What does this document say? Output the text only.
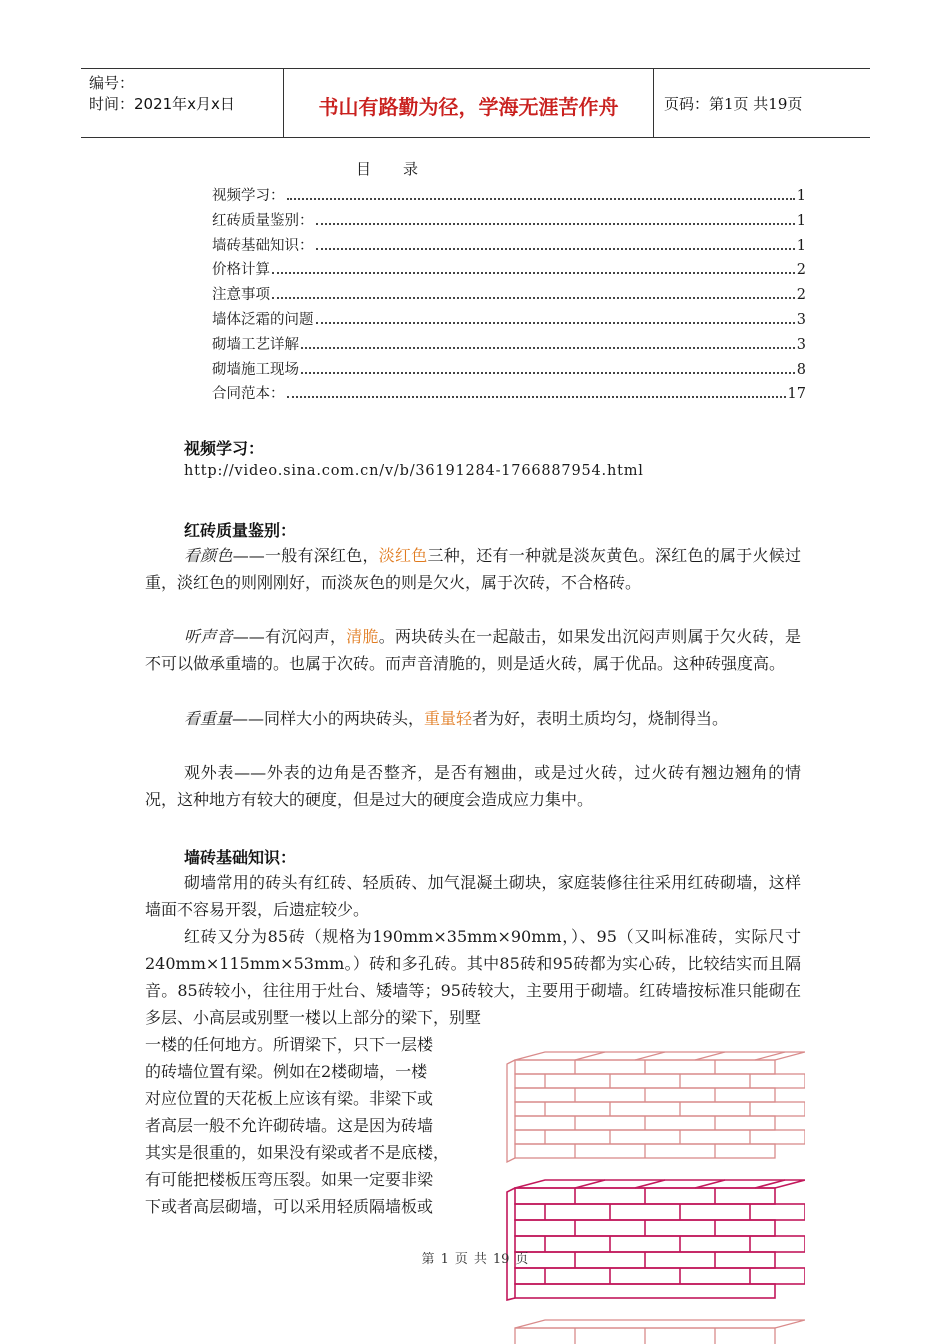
编号：
时间：2021年x月x日	书山有路勤为径，学海无涯苦作舟	页码：第1页 共19页
目 录
视频学习：	1
红砖质量鉴别：	1
墙砖基础知识：	1
价格计算	2
注意事项	2
墙体泛霜的问题	3
砌墙工艺详解	3
砌墙施工现场	8
合同范本：	17
视频学习：
http://video.sina.com.cn/v/b/36191284-1766887954.html
红砖质量鉴别：

看颜色——一般有深红色，淡红色三种，还有一种就是淡灰黄色。深红色的属于火候过重，淡红色的则刚刚好，而淡灰色的则是欠火，属于次砖，不合格砖。

听声音——有沉闷声，清脆。两块砖头在一起敲击，如果发出沉闷声则属于欠火砖，是不可以做承重墙的。也属于次砖。而声音清脆的，则是适火砖，属于优品。这种砖强度高。

看重量——同样大小的两块砖头，重量轻者为好，表明土质均匀，烧制得当。

观外表——外表的边角是否整齐，是否有翘曲，或是过火砖，过火砖有翘边翘角的情况，这种地方有较大的硬度，但是过大的硬度会造成应力集中。

墙砖基础知识：

砌墙常用的砖头有红砖、轻质砖、加气混凝土砌块，家庭装修往往采用红砖砌墙，这样墙面不容易开裂，后遗症较少。

红砖又分为85砖（规格为190mm×35mm×90mm，）、95（又叫标准砖，实际尺寸240mm×115mm×53mm。）砖和多孔砖。其中85砖和95砖都为实心砖，比较结实而且隔音。85砖较小，往往用于灶台、矮墙等；95砖较大，主要用于砌墙。红砖墙按标准只能砌在多层、小高层或别墅一楼以上部分的梁下，别墅

一楼的任何地方。所谓梁下，只下一层楼
的砖墙位置有梁。例如在2楼砌墙，一楼
对应位置的天花板上应该有梁。非梁下或
者高层一般不允许砌砖墙。这是因为砖墙
其实是很重的，如果没有梁或者不是底楼，
有可能把楼板压弯压裂。如果一定要非梁
下或者高层砌墙，可以采用轻质隔墙板或
第 1 页 共 19 页
